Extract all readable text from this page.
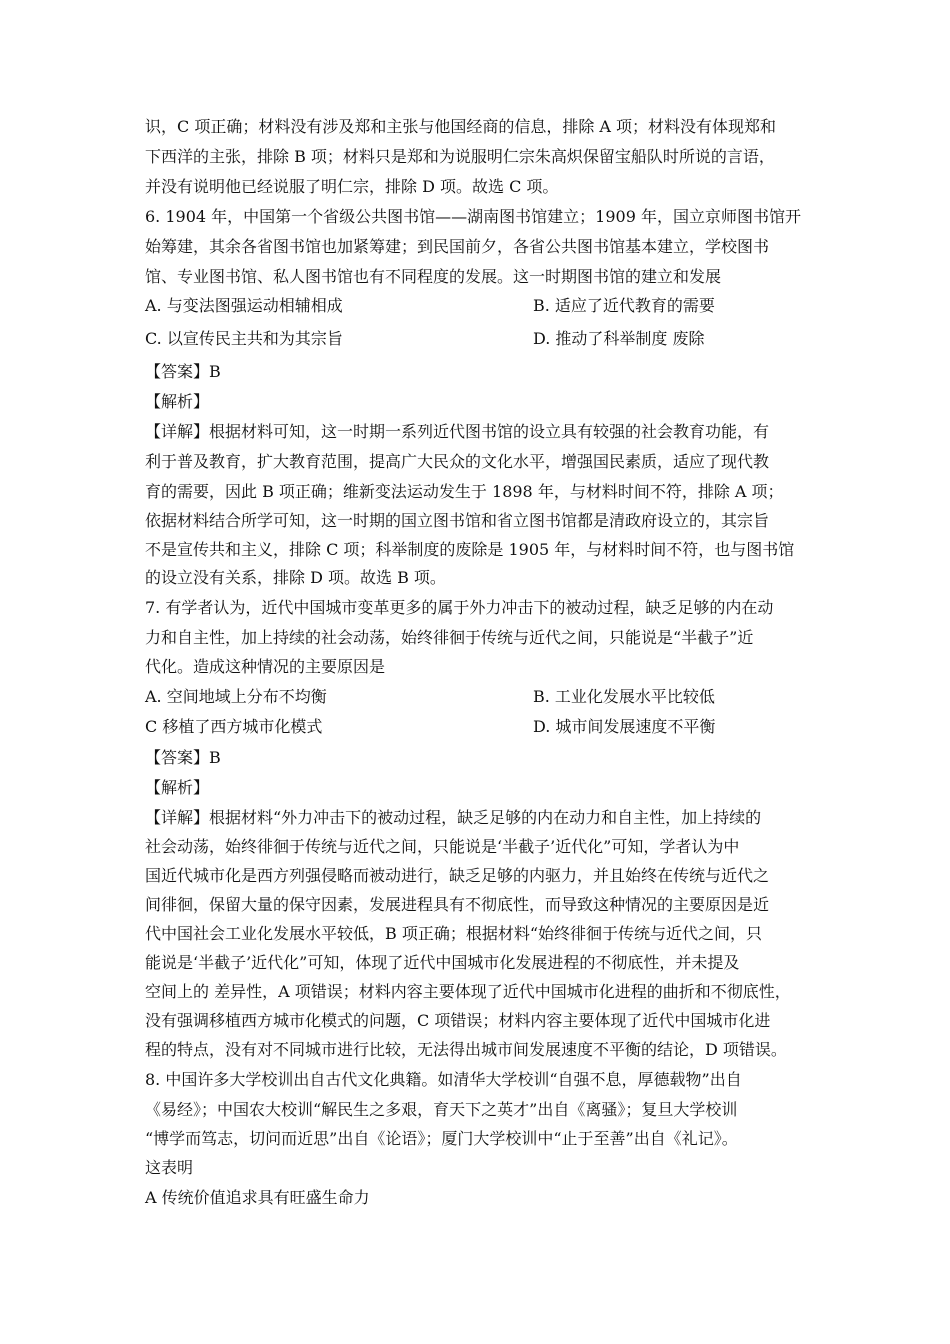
识，C 项正确；材料没有涉及郑和主张与他国经商的信息，排除 A 项；材料没有体现郑和
下西洋的主张，排除 B 项；材料只是郑和为说服明仁宗朱高炽保留宝船队时所说的言语，
并没有说明他已经说服了明仁宗，排除 D 项。故选 C 项。
6. 1904 年，中国第一个省级公共图书馆——湖南图书馆建立；1909 年，国立京师图书馆开
始筹建，其余各省图书馆也加紧筹建；到民国前夕，各省公共图书馆基本建立，学校图书
馆、专业图书馆、私人图书馆也有不同程度的发展。这一时期图书馆的建立和发展
A. 与变法图强运动相辅相成	B. 适应了近代教育的需要
C. 以宣传民主共和为其宗旨	D. 推动了科举制度 废除
【答案】B
【解析】
【详解】根据材料可知，这一时期一系列近代图书馆的设立具有较强的社会教育功能，有
利于普及教育，扩大教育范围，提高广大民众的文化水平，增强国民素质，适应了现代教
育的需要，因此 B 项正确；维新变法运动发生于 1898 年，与材料时间不符，排除 A 项；
依据材料结合所学可知，这一时期的国立图书馆和省立图书馆都是清政府设立的，其宗旨
不是宣传共和主义，排除 C 项；科举制度的废除是 1905 年，与材料时间不符，也与图书馆
的设立没有关系，排除 D 项。故选 B 项。
7. 有学者认为，近代中国城市变革更多的属于外力冲击下的被动过程，缺乏足够的内在动
力和自主性，加上持续的社会动荡，始终徘徊于传统与近代之间，只能说是“半截子”近
代化。造成这种情况的主要原因是
A. 空间地域上分布不均衡	B. 工业化发展水平比较低
C 移植了西方城市化模式	D. 城市间发展速度不平衡
【答案】B
【解析】
【详解】根据材料“外力冲击下的被动过程，缺乏足够的内在动力和自主性，加上持续的
社会动荡，始终徘徊于传统与近代之间，只能说是‘半截子’近代化”可知，学者认为中
国近代城市化是西方列强侵略而被动进行，缺乏足够的内驱力，并且始终在传统与近代之
间徘徊，保留大量的保守因素，发展进程具有不彻底性，而导致这种情况的主要原因是近
代中国社会工业化发展水平较低，B 项正确；根据材料“始终徘徊于传统与近代之间，只
能说是‘半截子’近代化”可知，体现了近代中国城市化发展进程的不彻底性，并未提及
空间上的 差异性，A 项错误；材料内容主要体现了近代中国城市化进程的曲折和不彻底性，
没有强调移植西方城市化模式的问题，C 项错误；材料内容主要体现了近代中国城市化进
程的特点，没有对不同城市进行比较，无法得出城市间发展速度不平衡的结论，D 项错误。
8. 中国许多大学校训出自古代文化典籍。如清华大学校训“自强不息，厚德载物”出自
《易经》；中国农大校训“解民生之多艰，育天下之英才”出自《离骚》；复旦大学校训
“博学而笃志，切问而近思”出自《论语》；厦门大学校训中“止于至善”出自《礼记》。
这表明
A 传统价值追求具有旺盛生命力
